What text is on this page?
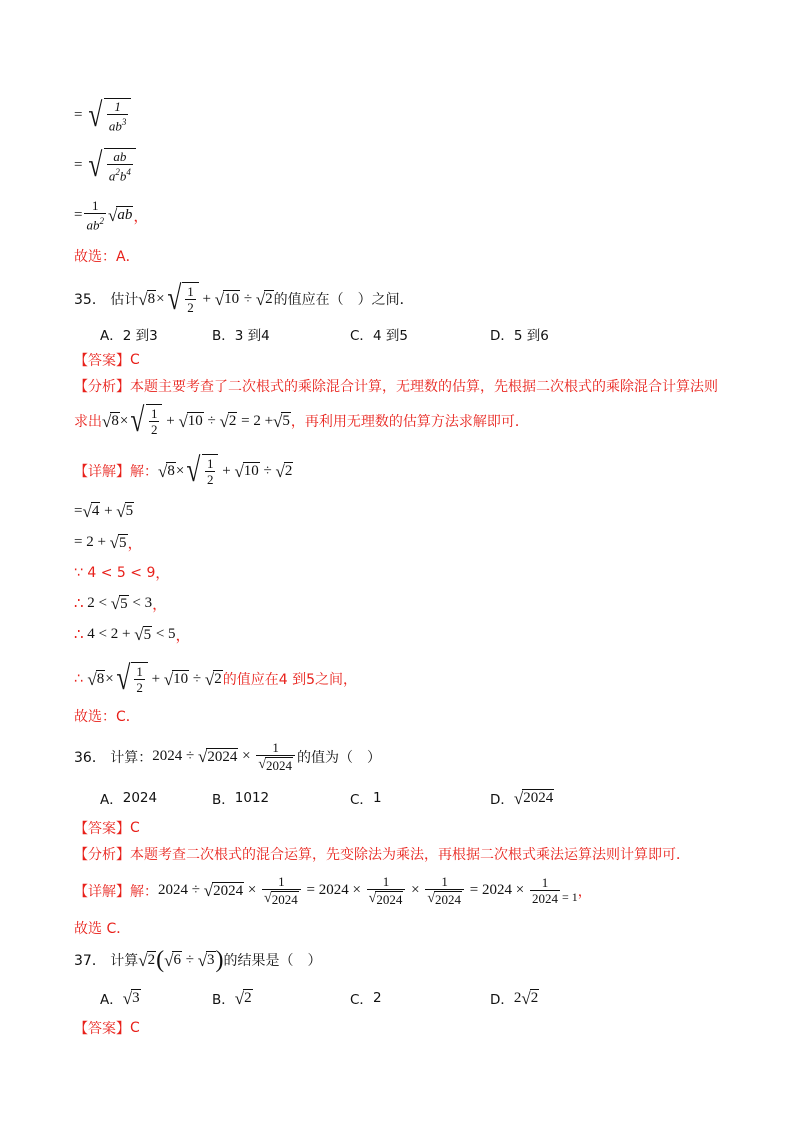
= √ $\frac{1}{ab^3}$
= √ $\frac{ab}{a^2b^4}$
= $\frac{1}{ab^2}$ √ ab ，
故选：A．
35．
估计 √ 8 × √ $\frac{1}{2}$
+
√ 10
÷
√ 2 的值应在（　）之间．
A． 2 到3	B． 3 到4	C． 4 到5	D． 5 到6
【答案】 C
【分析】 本题主要考查了二次根式的乘除混合计算，无理数的估算，先根据二次根式的乘除混合计算法则
求出 √ 8 × √ $\frac{1}{2}$
+
√ 10
÷
√ 2
= 2 + √ 5 ，再利用无理数的估算方法求解即可．
【详解】 解： √ 8 × √ $\frac{1}{2}$
+
√ 10
÷
√ 2
= √ 4 + √ 5
= 2 + √ 5 ，
∵ 4 < 5 < 9 ，
∴ 2 < √ 5 < 3 ，
∴ 4 < 2 + √ 5 < 5 ，
∴
√ 8 × √ $\frac{1}{2}$
+
√ 10
÷
√ 2 的值应在4 到5之间，
故选：C．
36．
计算： 2024 ÷ √ $2024 \times \frac{1}{√ 2024}$ 的值为（　）
A． 2024	B． 1012	C． 1	D． √ 2024
【答案】 C
【分析】 本题考查二次根式的混合运算，先变除法为乘法，再根据二次根式乘法运算法则计算即可．
【详解】 解： 2024 ÷ √ $2024 \times \frac{1}{√ 2024} = 2024 \times \frac{1}{√ 2024} \times \frac{1}{√ 2024} = 2024 \times \frac{1}{2024} = 1$ ，
故选 C．
37．
计算 √ 2 ( √ 6 ÷ √ 3 ) 的结果是（　）
A． √ 3	B． √ 2	C． 2	D． 2 √ 2
【答案】 C
